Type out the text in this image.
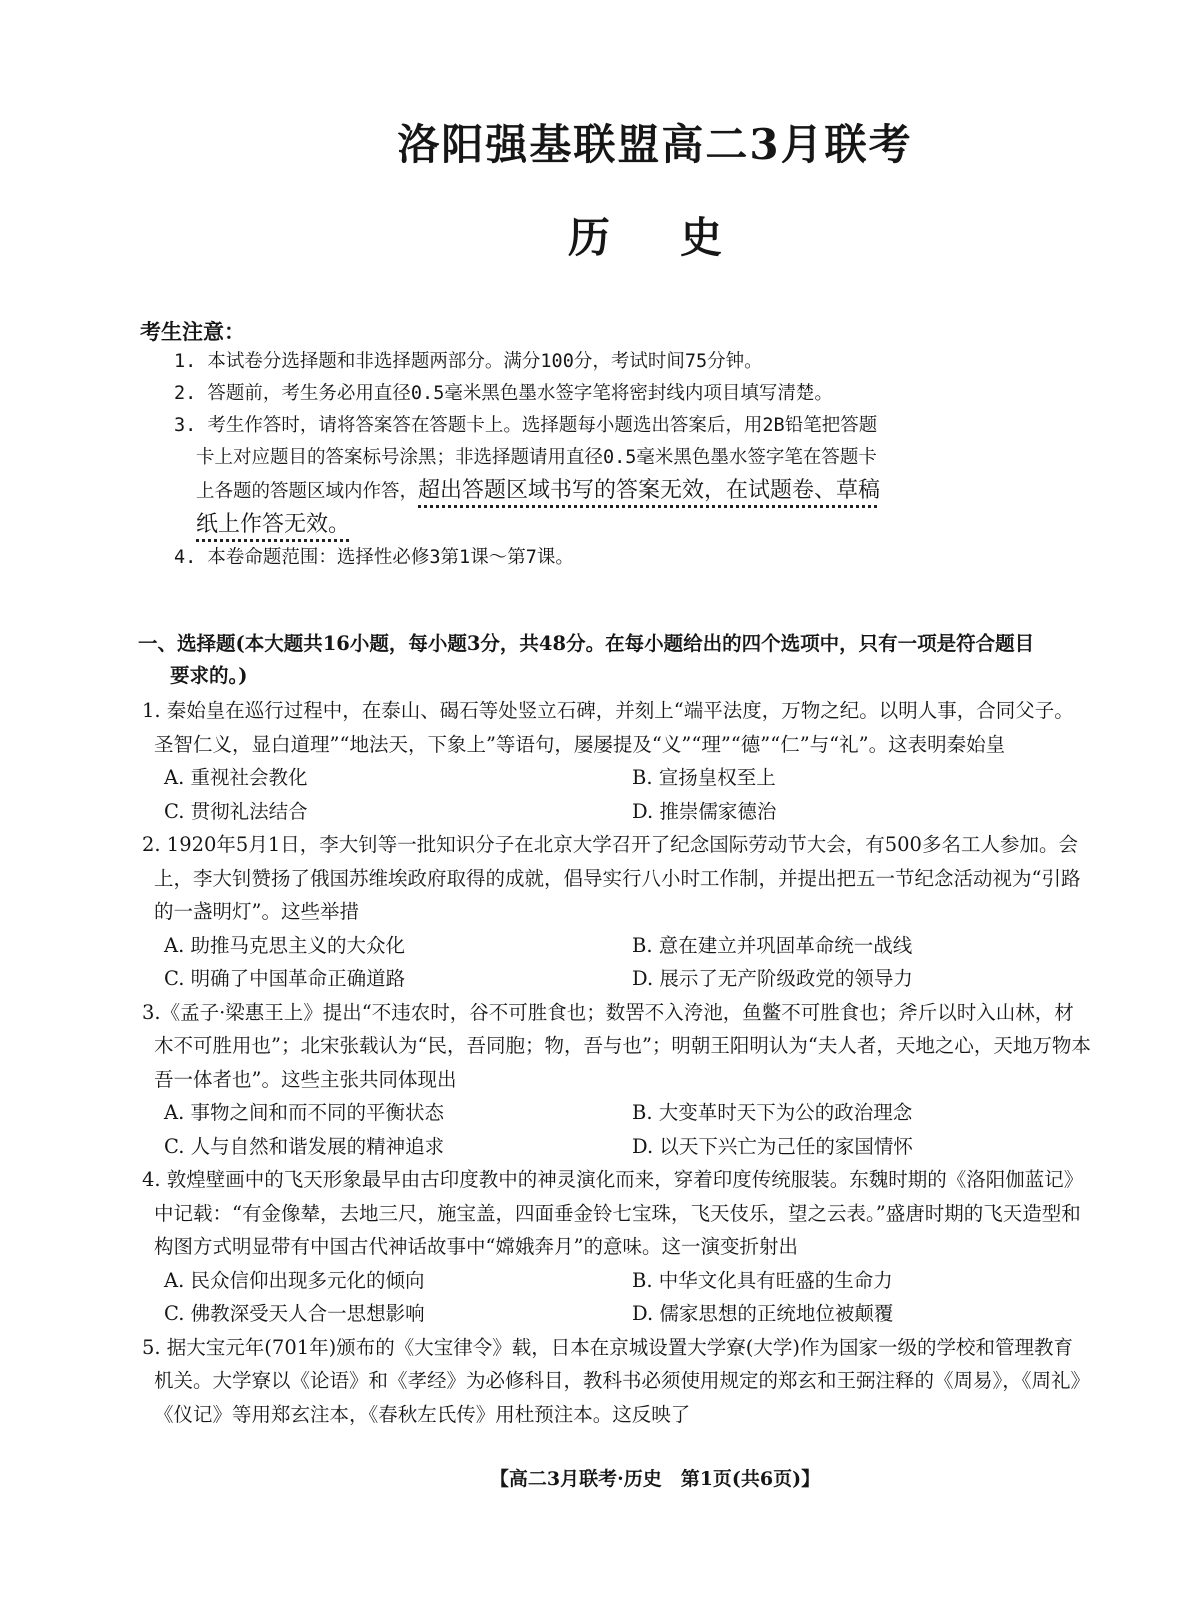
洛阳强基联盟高二3月联考
历史
考生注意：
1. 本试卷分选择题和非选择题两部分。满分100分，考试时间75分钟。
2. 答题前，考生务必用直径0.5毫米黑色墨水签字笔将密封线内项目填写清楚。
3. 考生作答时，请将答案答在答题卡上。选择题每小题选出答案后，用2B铅笔把答题卡上对应题目的答案标号涂黑；非选择题请用直径0.5毫米黑色墨水签字笔在答题卡上各题的答题区域内作答，超出答题区域书写的答案无效，在试题卷、草稿纸上作答无效。
4. 本卷命题范围：选择性必修3第1课～第7课。
一、选择题(本大题共16小题，每小题3分，共48分。在每小题给出的四个选项中，只有一项是符合题目
要求的。)
1. 秦始皇在巡行过程中，在泰山、碣石等处竖立石碑，并刻上“端平法度，万物之纪。以明人事，合同父子。圣智仁义，显白道理”“地法天，下象上”等语句，屡屡提及“义”“理”“德”“仁”与“礼”。这表明秦始皇
A. 重视社会教化	B. 宣扬皇权至上
C. 贯彻礼法结合	D. 推崇儒家德治
2. 1920年5月1日，李大钊等一批知识分子在北京大学召开了纪念国际劳动节大会，有500多名工人参加。会上，李大钊赞扬了俄国苏维埃政府取得的成就，倡导实行八小时工作制，并提出把五一节纪念活动视为“引路的一盏明灯”。这些举措
A. 助推马克思主义的大众化	B. 意在建立并巩固革命统一战线
C. 明确了中国革命正确道路	D. 展示了无产阶级政党的领导力
3.《孟子·梁惠王上》提出“不违农时，谷不可胜食也；数罟不入洿池，鱼鳖不可胜食也；斧斤以时入山林，材木不可胜用也”；北宋张载认为“民，吾同胞；物，吾与也”；明朝王阳明认为“夫人者，天地之心，天地万物本吾一体者也”。这些主张共同体现出
A. 事物之间和而不同的平衡状态	B. 大变革时天下为公的政治理念
C. 人与自然和谐发展的精神追求	D. 以天下兴亡为己任的家国情怀
4. 敦煌壁画中的飞天形象最早由古印度教中的神灵演化而来，穿着印度传统服装。东魏时期的《洛阳伽蓝记》中记载：“有金像辇，去地三尺，施宝盖，四面垂金铃七宝珠，飞天伎乐，望之云表。”盛唐时期的飞天造型和构图方式明显带有中国古代神话故事中“嫦娥奔月”的意味。这一演变折射出
A. 民众信仰出现多元化的倾向	B. 中华文化具有旺盛的生命力
C. 佛教深受天人合一思想影响	D. 儒家思想的正统地位被颠覆
5. 据大宝元年(701年)颁布的《大宝律令》载，日本在京城设置大学寮(大学)作为国家一级的学校和管理教育机关。大学寮以《论语》和《孝经》为必修科目，教科书必须使用规定的郑玄和王弼注释的《周易》，《周礼》《仪记》等用郑玄注本，《春秋左氏传》用杜预注本。这反映了
【高二3月联考·历史　第1页(共6页)】
